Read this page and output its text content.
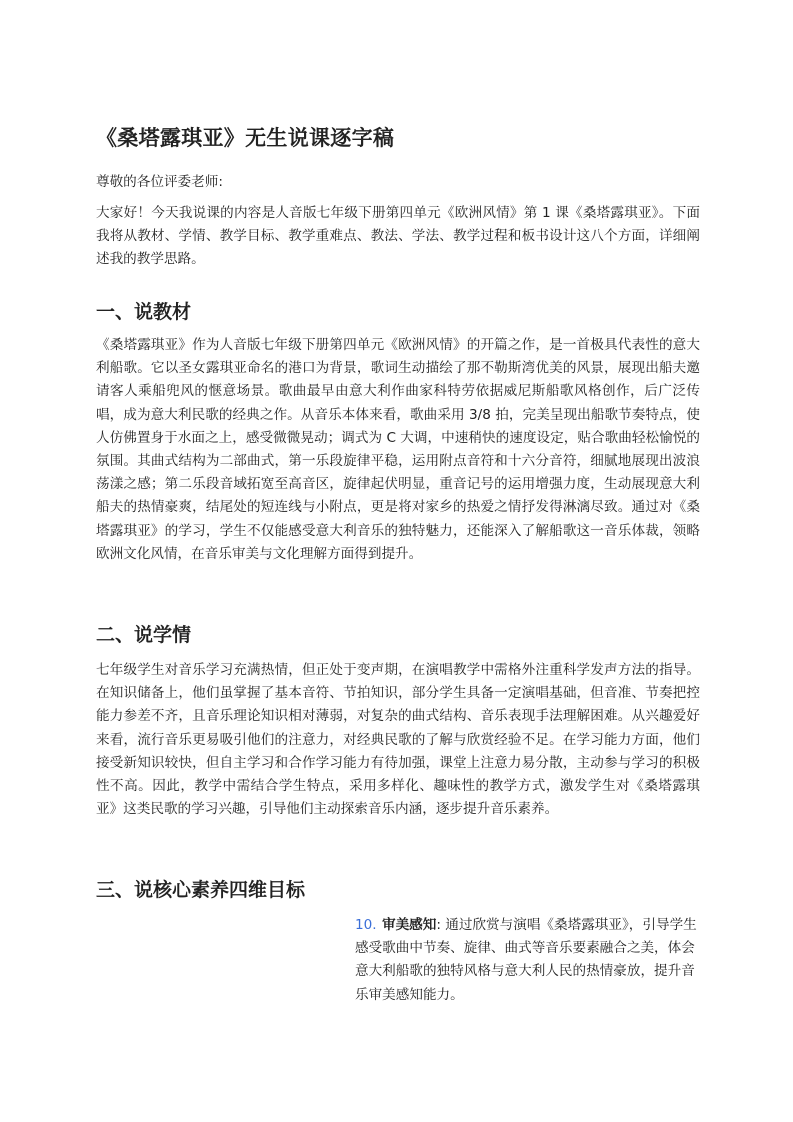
《桑塔露琪亚》无生说课逐字稿

尊敬的各位评委老师:

大家好！今天我说课的内容是人音版七年级下册第四单元《欧洲风情》第 1 课《桑塔露琪亚》。下面我将从教材、学情、教学目标、教学重难点、教法、学法、教学过程和板书设计这八个方面，详细阐述我的教学思路。

一、说教材

《桑塔露琪亚》作为人音版七年级下册第四单元《欧洲风情》的开篇之作，是一首极具代表性的意大利船歌。它以圣女露琪亚命名的港口为背景，歌词生动描绘了那不勒斯湾优美的风景，展现出船夫邀请客人乘船兜风的惬意场景。歌曲最早由意大利作曲家科特劳依据威尼斯船歌风格创作，后广泛传唱，成为意大利民歌的经典之作。从音乐本体来看，歌曲采用 3/8 拍，完美呈现出船歌节奏特点，使人仿佛置身于水面之上，感受微微晃动；调式为 C 大调，中速稍快的速度设定，贴合歌曲轻松愉悦的氛围。其曲式结构为二部曲式，第一乐段旋律平稳，运用附点音符和十六分音符，细腻地展现出波浪荡漾之感；第二乐段音域拓宽至高音区，旋律起伏明显，重音记号的运用增强力度，生动展现意大利船夫的热情豪爽，结尾处的短连线与小附点，更是将对家乡的热爱之情抒发得淋漓尽致。通过对《桑塔露琪亚》的学习，学生不仅能感受意大利音乐的独特魅力，还能深入了解船歌这一音乐体裁，领略欧洲文化风情，在音乐审美与文化理解方面得到提升。

二、说学情

七年级学生对音乐学习充满热情，但正处于变声期，在演唱教学中需格外注重科学发声方法的指导。在知识储备上，他们虽掌握了基本音符、节拍知识，部分学生具备一定演唱基础，但音准、节奏把控能力参差不齐，且音乐理论知识相对薄弱，对复杂的曲式结构、音乐表现手法理解困难。从兴趣爱好来看，流行音乐更易吸引他们的注意力，对经典民歌的了解与欣赏经验不足。在学习能力方面，他们接受新知识较快，但自主学习和合作学习能力有待加强，课堂上注意力易分散，主动参与学习的积极性不高。因此，教学中需结合学生特点，采用多样化、趣味性的教学方式，激发学生对《桑塔露琪亚》这类民歌的学习兴趣，引导他们主动探索音乐内涵，逐步提升音乐素养。

三、说核心素养四维目标
10. 审美感知: 通过欣赏与演唱《桑塔露琪亚》，引导学生感受歌曲中节奏、旋律、曲式等音乐要素融合之美，体会意大利船歌的独特风格与意大利人民的热情豪放，提升音乐审美感知能力。
